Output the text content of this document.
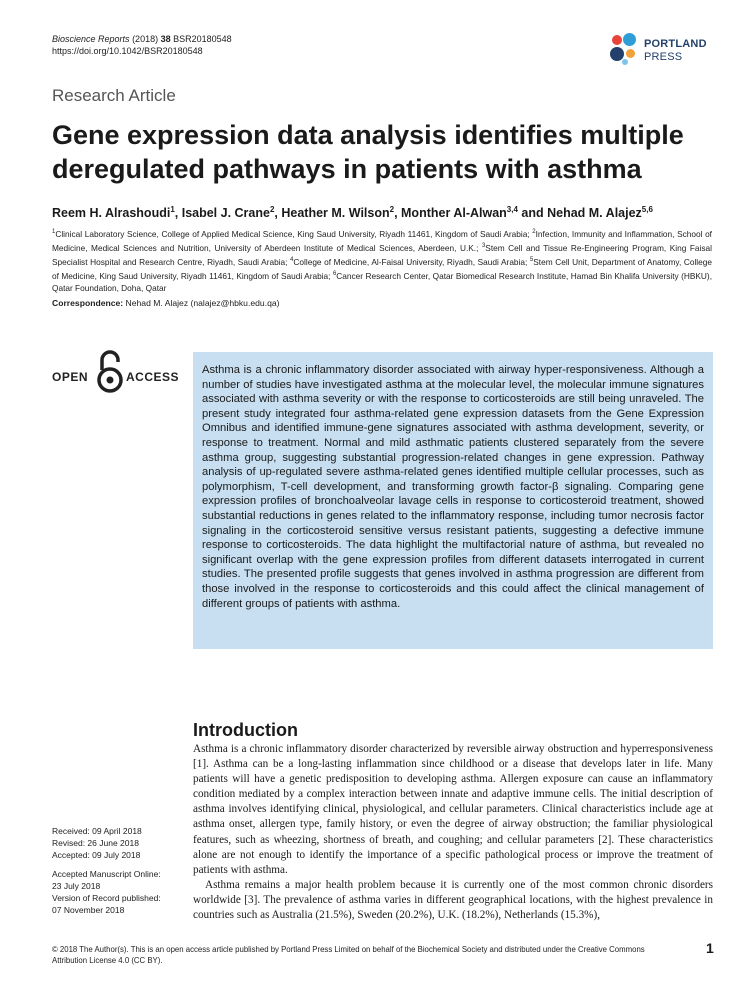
Bioscience Reports (2018) 38 BSR20180548
https://doi.org/10.1042/BSR20180548
PORTLAND
PRESS
Research Article
Gene expression data analysis identifies multiple deregulated pathways in patients with asthma
Reem H. Alrashoudi$^1$, Isabel J. Crane$^2$, Heather M. Wilson$^2$, Monther Al-Alwan$^{3,4}$ and Nehad M. Alajez$^{5,6}$
$^1$Clinical Laboratory Science, College of Applied Medical Science, King Saud University, Riyadh 11461, Kingdom of Saudi Arabia; $^2$Infection, Immunity and Inflammation, School of Medicine, Medical Sciences and Nutrition, University of Aberdeen Institute of Medical Sciences, Aberdeen, U.K.; $^3$Stem Cell and Tissue Re-Engineering Program, King Faisal Specialist Hospital and Research Centre, Riyadh, Saudi Arabia; $^4$College of Medicine, Al-Faisal University, Riyadh, Saudi Arabia; $^5$Stem Cell Unit, Department of Anatomy, College of Medicine, King Saud University, Riyadh 11461, Kingdom of Saudi Arabia; $^6$Cancer Research Center, Qatar Biomedical Research Institute, Hamad Bin Khalifa University (HBKU), Qatar Foundation, Doha, Qatar
Correspondence: Nehad M. Alajez (nalajez@hbku.edu.qa)
OPEN	ACCESS Asthma is a chronic inflammatory disorder associated with airway hyper-responsiveness. Although a number of studies have investigated asthma at the molecular level, the molecular immune signatures associated with asthma severity or with the response to corticosteroids are still being unraveled. The present study integrated four asthma-related gene expression datasets from the Gene Expression Omnibus and identified immune-gene signatures associated with asthma development, severity, or response to treatment. Normal and mild asthmatic patients clustered separately from the severe asthma group, suggesting substantial progression-related changes in gene expression. Pathway analysis of up-regulated severe asthma-related genes identified multiple cellular processes, such as polymorphism, T-cell development, and transforming growth factor-β signaling. Comparing gene expression profiles of bronchoalveolar lavage cells in response to corticosteroid treatment, showed substantial reductions in genes related to the inflammatory response, including tumor necrosis factor signaling in the corticosteroid sensitive versus resistant patients, suggesting a defective immune response to corticosteroids. The data highlight the multifactorial nature of asthma, but revealed no significant overlap with the gene expression profiles from different datasets interrogated in current studies. The presented profile suggests that genes involved in asthma progression are different from those involved in the response to corticosteroids and this could affect the clinical management of different groups of patients with asthma.

Received: 09 April 2018
Revised: 26 June 2018
Accepted: 09 July 2018
Accepted Manuscript Online:
23 July 2018
Version of Record published:
07 November 2018
Introduction

Asthma is a chronic inflammatory disorder characterized by reversible airway obstruction and hyperresponsiveness [1]. Asthma can be a long-lasting inflammation since childhood or a disease that develops later in life. Many patients will have a genetic predisposition to developing asthma. Allergen exposure can cause an inflammatory condition mediated by a complex interaction between innate and adaptive immune cells. The initial description of asthma involves identifying clinical, physiological, and cellular parameters. Clinical characteristics include age at asthma onset, allergen type, family history, or even the degree of airway obstruction; the familiar physiological features, such as wheezing, shortness of breath, and coughing; and cellular parameters [2]. These characteristics alone are not enough to identify the importance of a specific pathological process or improve the treatment of patients with asthma.

Asthma remains a major health problem because it is currently one of the most common chronic disorders worldwide [3]. The prevalence of asthma varies in different geographical locations, with the highest prevalence in countries such as Australia (21.5%), Sweden (20.2%), U.K. (18.2%), Netherlands (15.3%),

© 2018 The Author(s). This is an open access article published by Portland Press Limited on behalf of the Biochemical Society and distributed under the Creative Commons Attribution License 4.0 (CC BY).
1
